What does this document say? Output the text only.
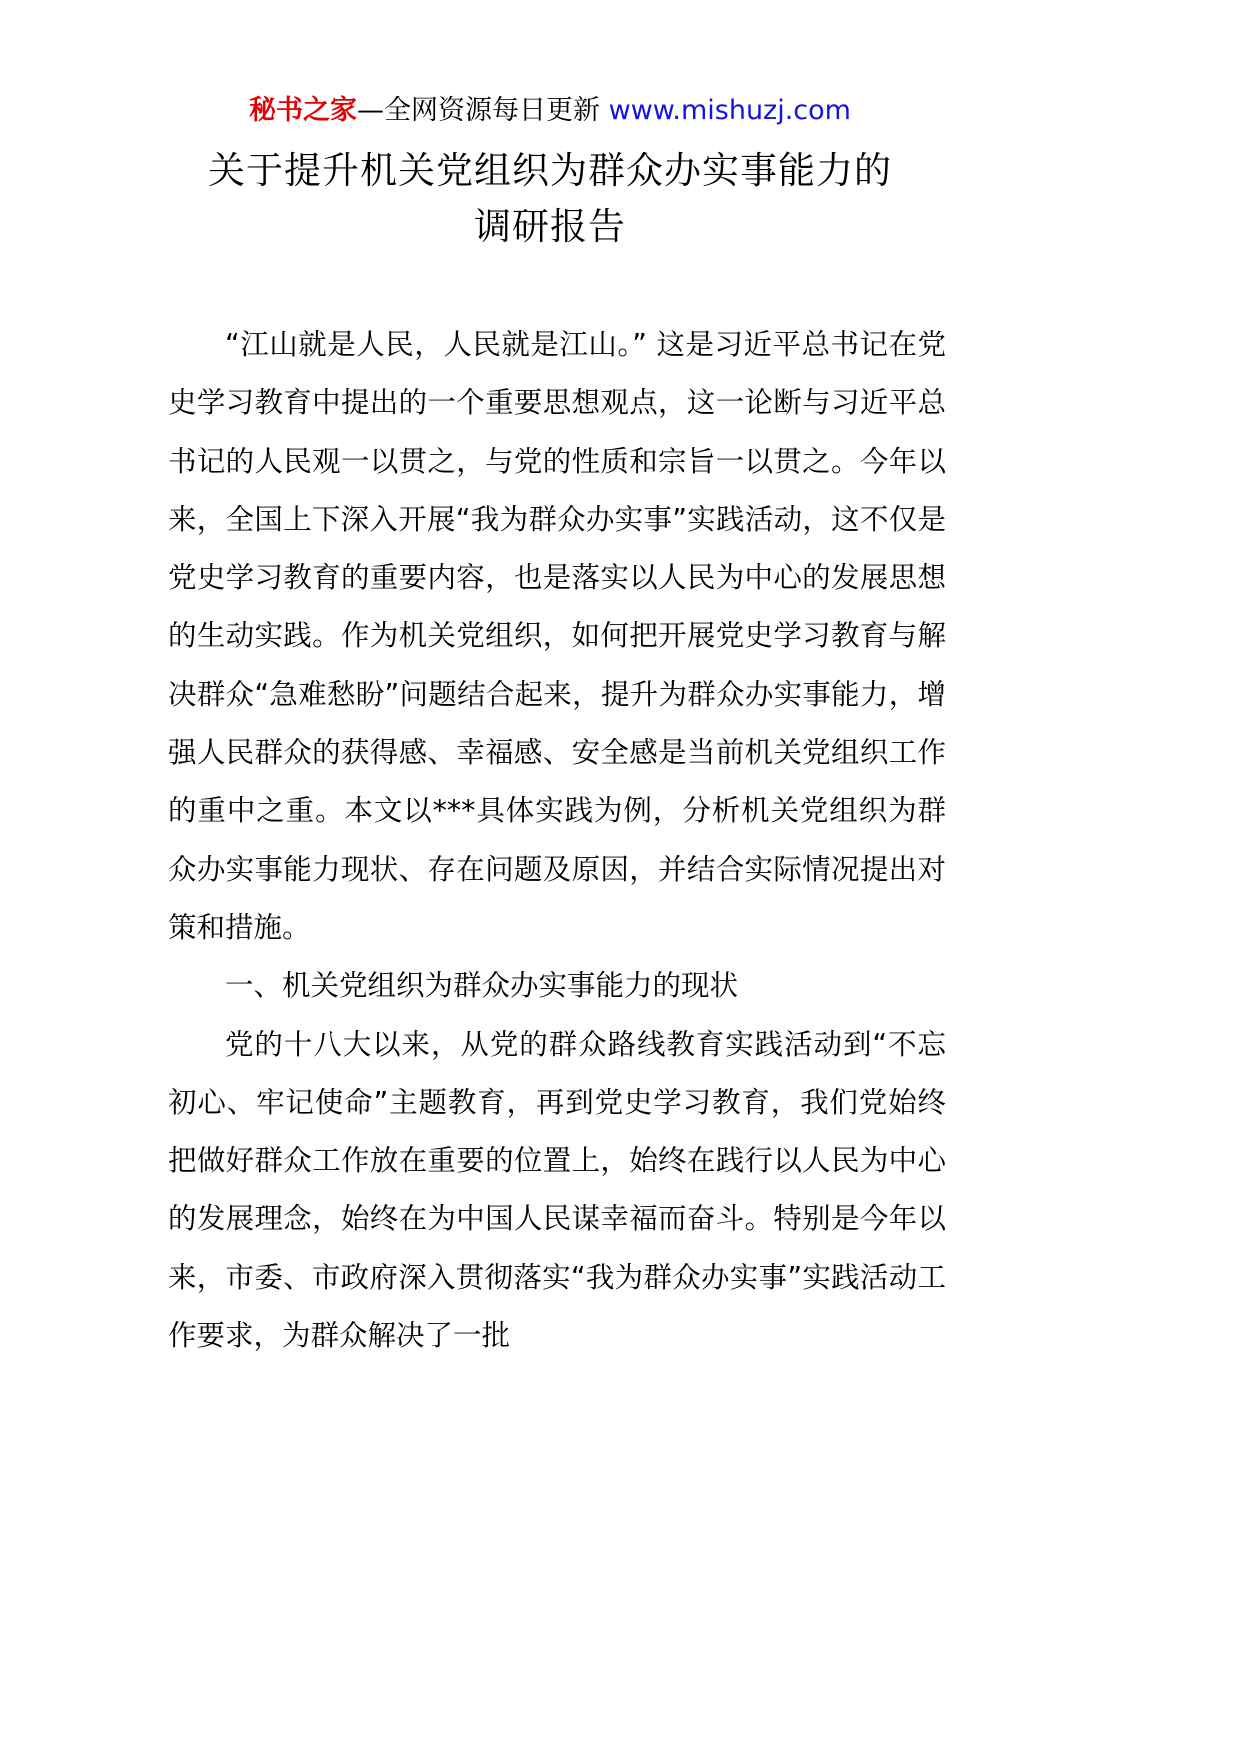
秘书之家—全网资源每日更新 www.mishuzj.com
关于提升机关党组织为群众办实事能力的
调研报告

“江山就是人民，人民就是江山。” 这是习近平总书记在党史学习教育中提出的一个重要思想观点，这一论断与习近平总书记的人民观一以贯之，与党的性质和宗旨一以贯之。今年以来，全国上下深入开展“我为群众办实事”实践活动，这不仅是党史学习教育的重要内容，也是落实以人民为中心的发展思想的生动实践。作为机关党组织，如何把开展党史学习教育与解决群众“急难愁盼”问题结合起来，提升为群众办实事能力，增强人民群众的获得感、幸福感、安全感是当前机关党组织工作的重中之重。本文以***具体实践为例，分析机关党组织为群众办实事能力现状、存在问题及原因，并结合实际情况提出对策和措施。

一、机关党组织为群众办实事能力的现状

党的十八大以来，从党的群众路线教育实践活动到“不忘初心、牢记使命”主题教育，再到党史学习教育，我们党始终把做好群众工作放在重要的位置上，始终在践行以人民为中心的发展理念，始终在为中国人民谋幸福而奋斗。特别是今年以来，市委、市政府深入贯彻落实“我为群众办实事”实践活动工作要求，为群众解决了一批
